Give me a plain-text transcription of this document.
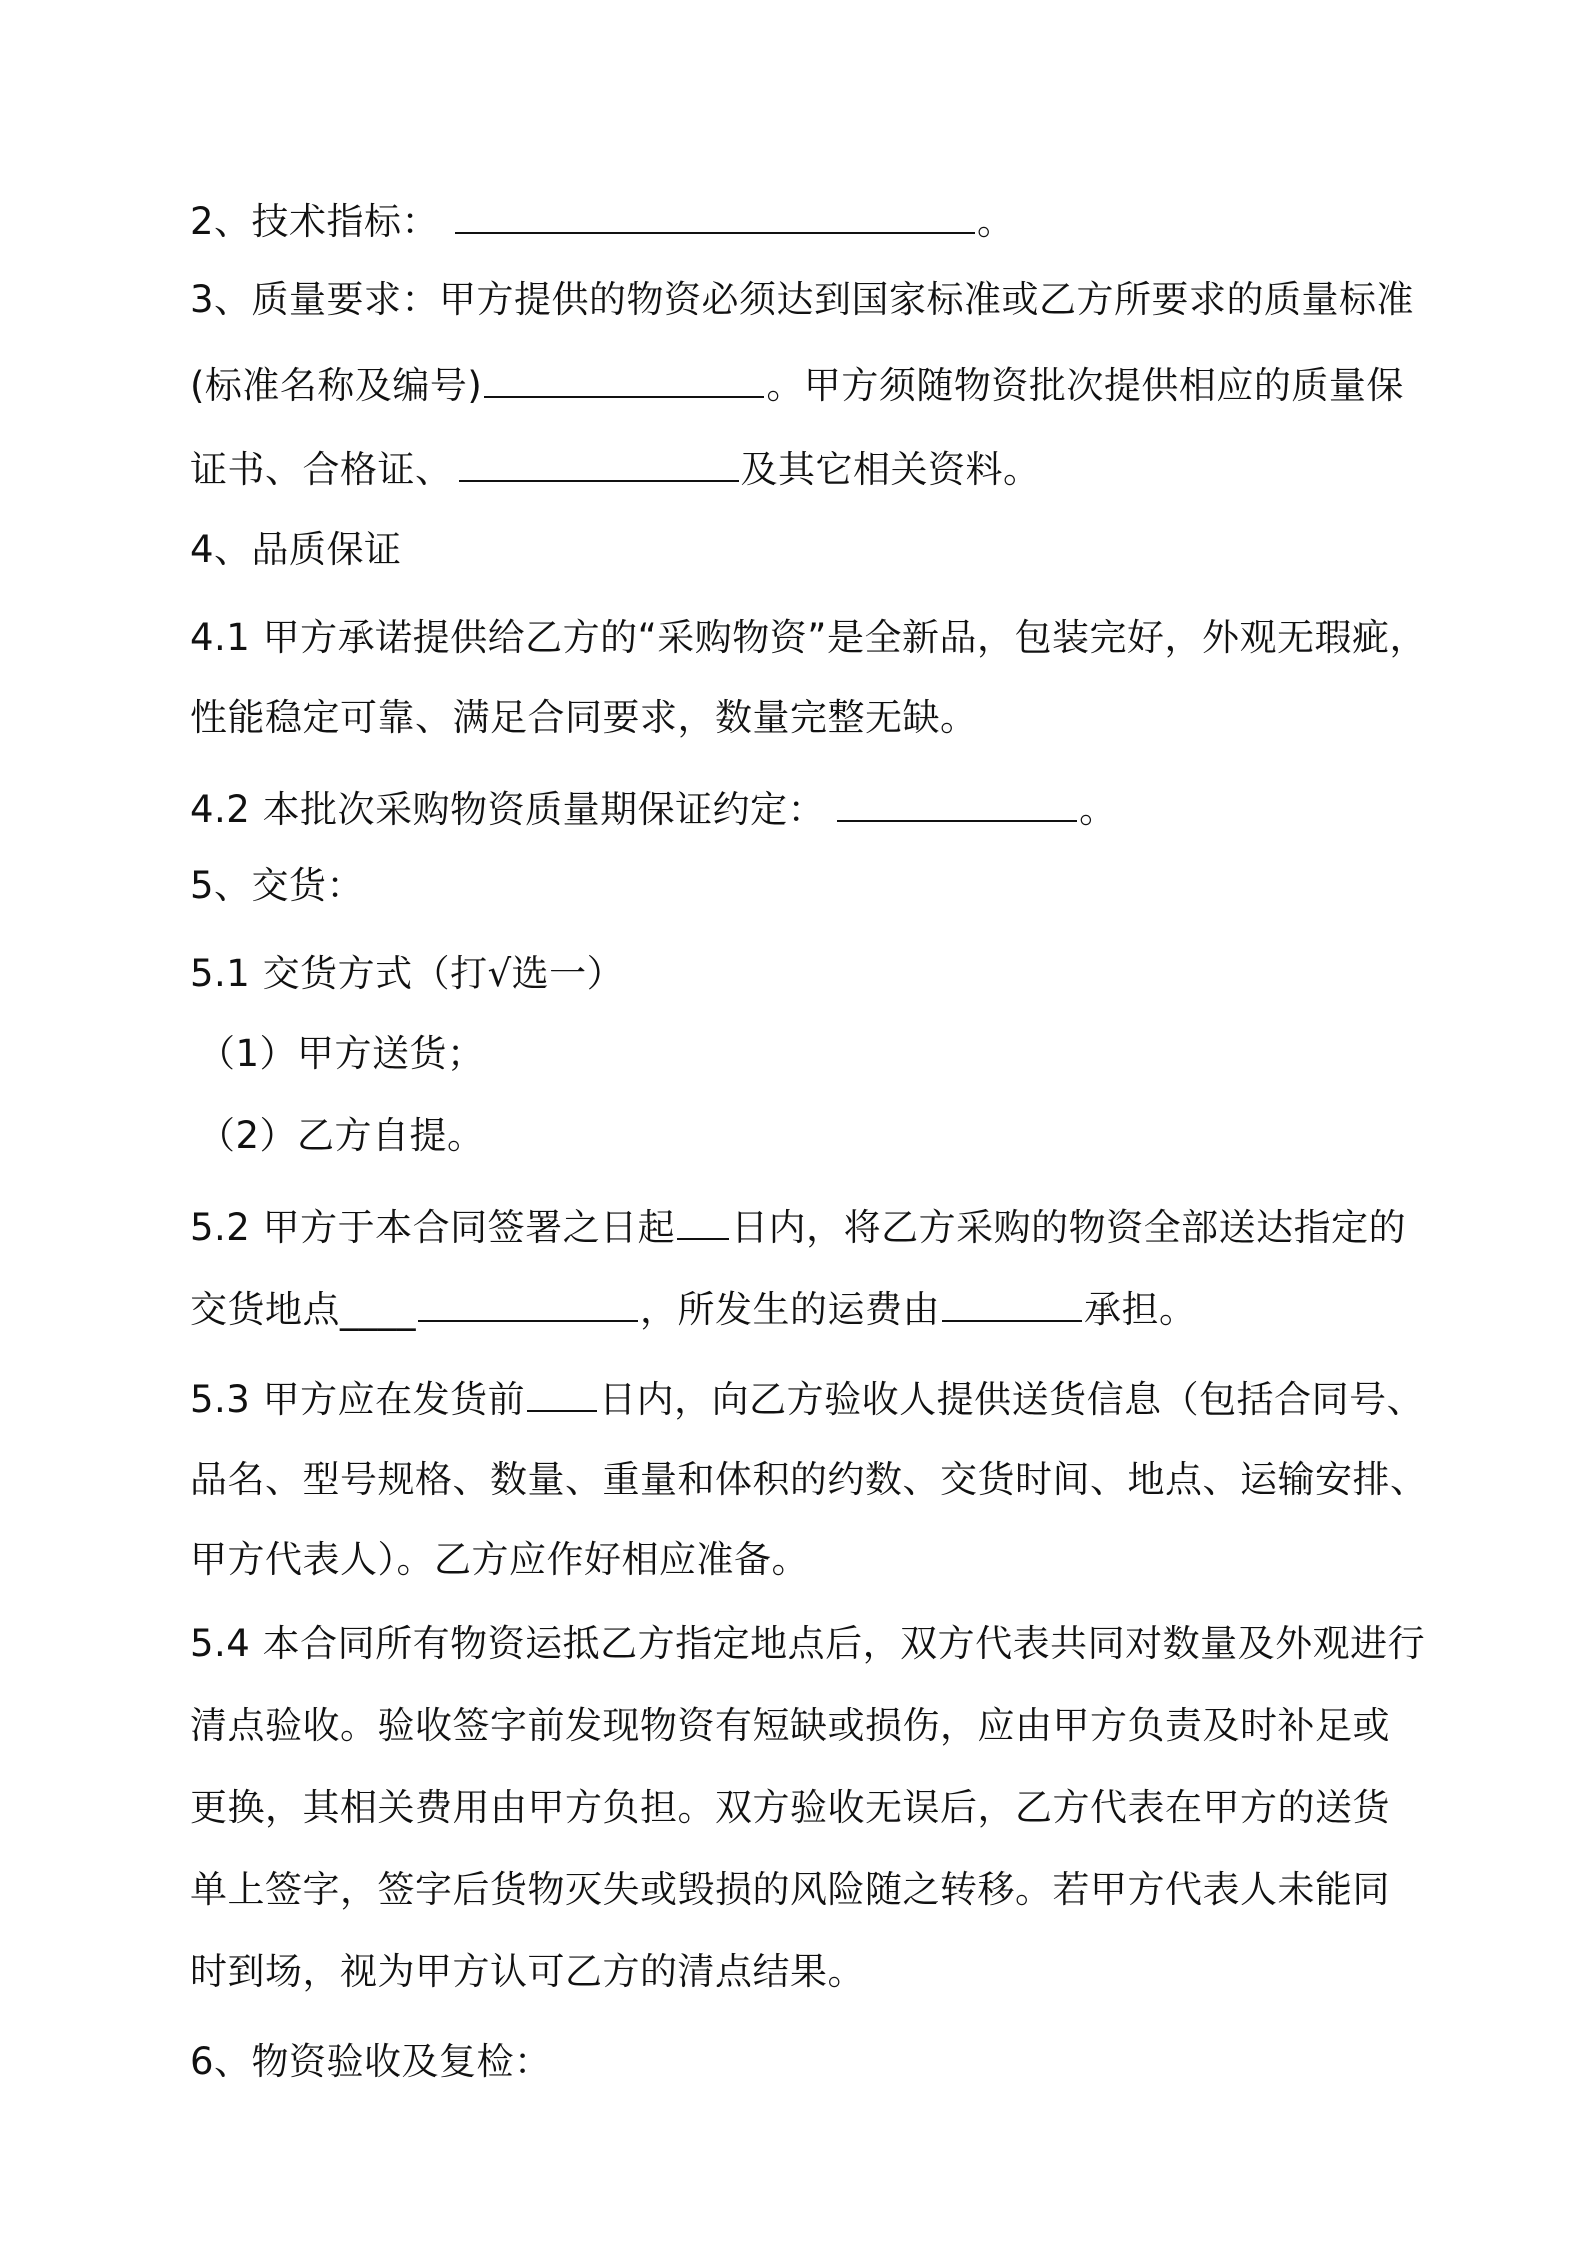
2、技术指标：	。
3、质量要求：甲方提供的物资必须达到国家标准或乙方所要求的质量标准
(标准名称及编号)	。甲方须随物资批次提供相应的质量保
证书、合格证、	及其它相关资料。
4、品质保证
4.1 甲方承诺提供给乙方的“采购物资”是全新品，包装完好，外观无瑕疵，
性能稳定可靠、满足合同要求，数量完整无缺。
4.2 本批次采购物资质量期保证约定：	。
5、交货：
5.1 交货方式（打√选一）
（1）甲方送货；
（2）乙方自提。
5.2 甲方于本合同签署之日起 日内，将乙方采购的物资全部送达指定的
交货地点____	，所发生的运费由	承担。
5.3 甲方应在发货前 日内，向乙方验收人提供送货信息（包括合同号、
品名、型号规格、数量、重量和体积的约数、交货时间、地点、运输安排、
甲方代表人）。乙方应作好相应准备。
5.4 本合同所有物资运抵乙方指定地点后，双方代表共同对数量及外观进行
清点验收。验收签字前发现物资有短缺或损伤，应由甲方负责及时补足或
更换，其相关费用由甲方负担。双方验收无误后，乙方代表在甲方的送货
单上签字，签字后货物灭失或毁损的风险随之转移。若甲方代表人未能同
时到场，视为甲方认可乙方的清点结果。
6、物资验收及复检：
